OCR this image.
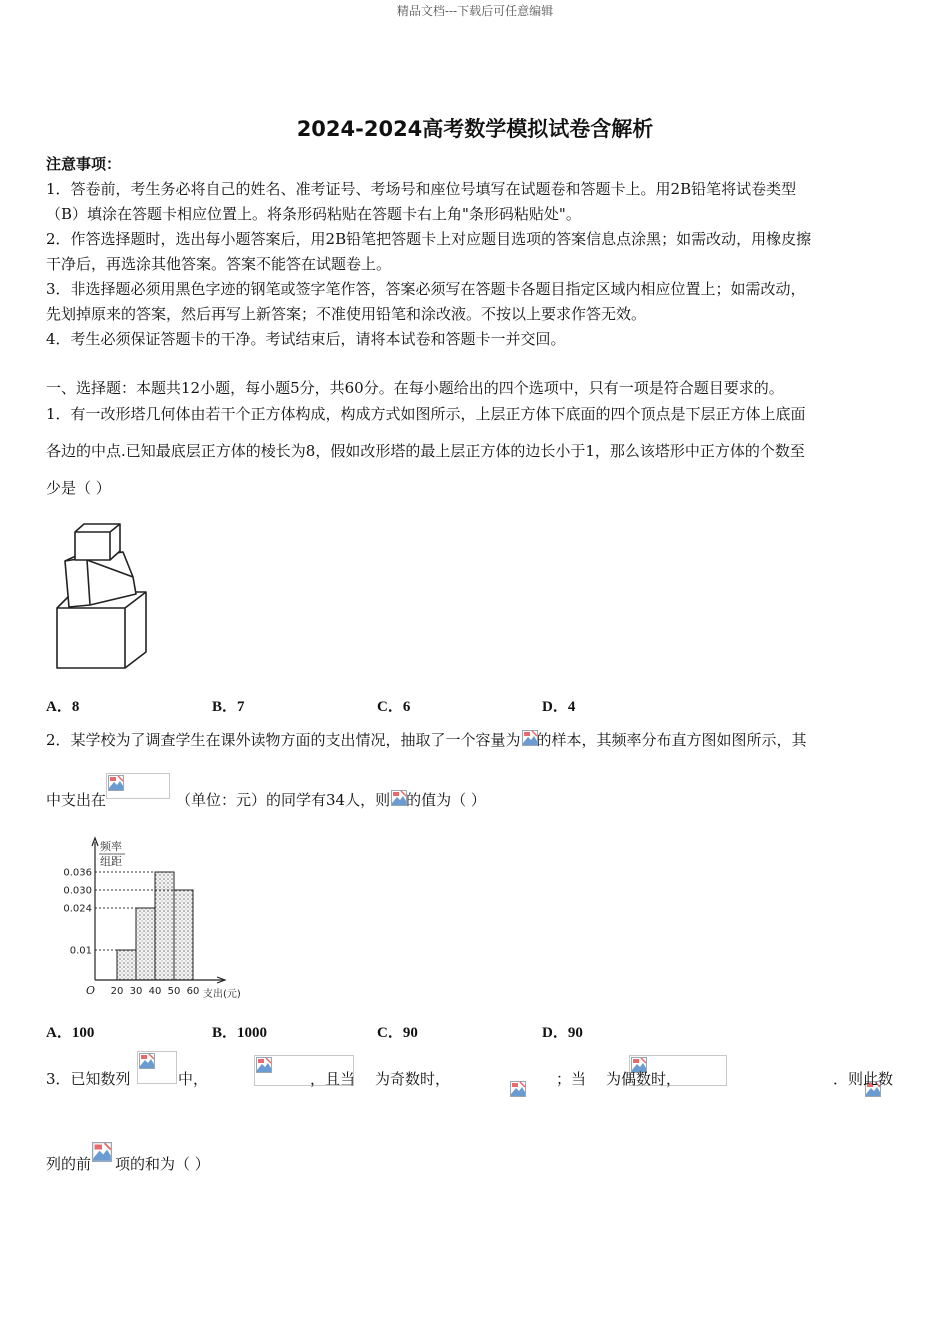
精品文档---下载后可任意编辑
2024-2024高考数学模拟试卷含解析
注意事项：
1．答卷前，考生务必将自己的姓名、准考证号、考场号和座位号填写在试题卷和答题卡上。用2B铅笔将试卷类型
（B）填涂在答题卡相应位置上。将条形码粘贴在答题卡右上角"条形码粘贴处"。
2．作答选择题时，选出每小题答案后，用2B铅笔把答题卡上对应题目选项的答案信息点涂黑；如需改动，用橡皮擦
干净后，再选涂其他答案。答案不能答在试题卷上。
3．非选择题必须用黑色字迹的钢笔或签字笔作答，答案必须写在答题卡各题目指定区域内相应位置上；如需改动，
先划掉原来的答案，然后再写上新答案；不准使用铅笔和涂改液。不按以上要求作答无效。
4．考生必须保证答题卡的干净。考试结束后，请将本试卷和答题卡一并交回。
一、选择题：本题共12小题，每小题5分，共60分。在每小题给出的四个选项中，只有一项是符合题目要求的。
1．有一改形塔几何体由若干个正方体构成，构成方式如图所示，上层正方体下底面的四个顶点是下层正方体上底面
各边的中点.已知最底层正方体的棱长为8，假如改形塔的最上层正方体的边长小于1，那么该塔形中正方体的个数至
少是（ ）
A．8	B．7	C．6	D．4
2．某学校为了调查学生在课外读物方面的支出情况，抽取了一个容量为 的样本，其频率分布直方图如图所示，其
中支出在	（单位：元）的同学有34人，则 的值为（ ）
频率
组距
0.036
0.030
0.024
0.01
O 20 30 40 50 60 支出(元)
A．100	B．1000	C．90	D．90
3．已知数列
	中，
	，且当
为奇数时，
	；当
为偶数时，	．则此数
列的前 项的和为（ ）
